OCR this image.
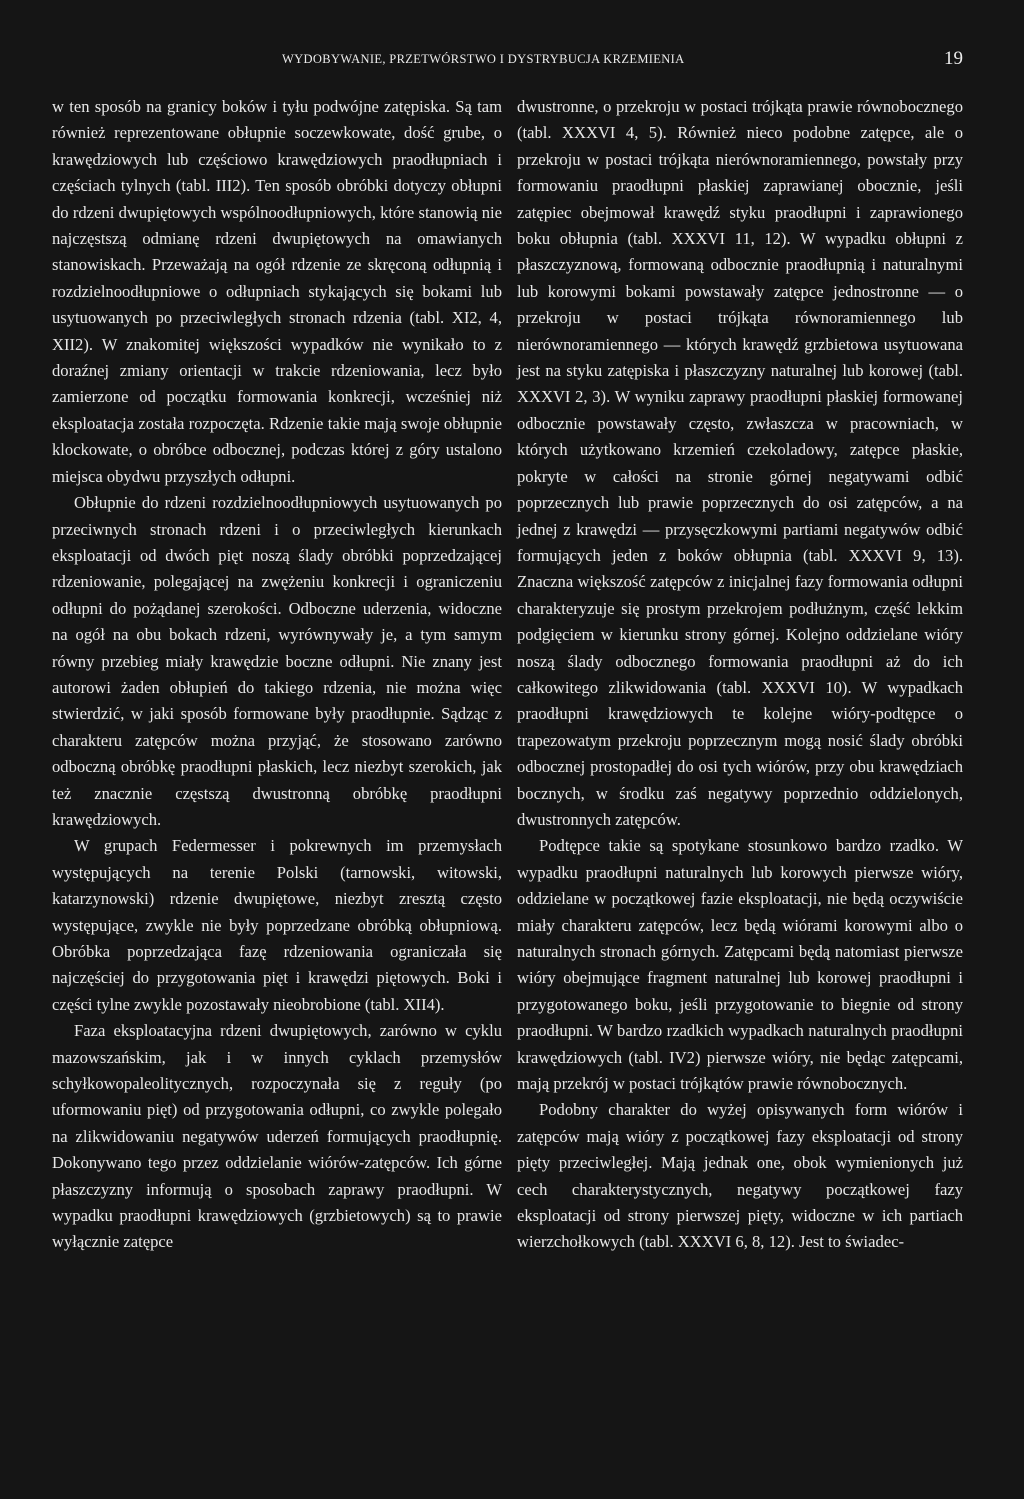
WYDOBYWANIE, PRZETWÓRSTWO I DYSTRYBUCJA KRZEMIENIA	19

w ten sposób na granicy boków i tyłu podwójne zatępiska. Są tam również reprezentowane obłupnie soczewkowate, dość grube, o krawędziowych lub częściowo krawędziowych praodłupniach i częściach tylnych (tabl. III2). Ten sposób obróbki dotyczy obłupni do rdzeni dwupiętowych wspólnoodłupniowych, które stanowią nie najczęstszą odmianę rdzeni dwupiętowych na omawianych stanowiskach. Przeważają na ogół rdzenie ze skręconą odłupnią i rozdzielnoodłupniowe o odłupniach stykających się bokami lub usytuowanych po przeciwległych stronach rdzenia (tabl. XI2, 4, XII2). W znakomitej większości wypadków nie wynikało to z doraźnej zmiany orientacji w trakcie rdzeniowania, lecz było zamierzone od początku formowania konkrecji, wcześniej niż eksploatacja została rozpoczęta. Rdzenie takie mają swoje obłupnie klockowate, o obróbce odbocznej, podczas której z góry ustalono miejsca obydwu przyszłych odłupni.

Obłupnie do rdzeni rozdzielnoodłupniowych usytuowanych po przeciwnych stronach rdzeni i o przeciwległych kierunkach eksploatacji od dwóch pięt noszą ślady obróbki poprzedzającej rdzeniowanie, polegającej na zwężeniu konkrecji i ograniczeniu odłupni do pożądanej szerokości. Odboczne uderzenia, widoczne na ogół na obu bokach rdzeni, wyrównywały je, a tym samym równy przebieg miały krawędzie boczne odłupni. Nie znany jest autorowi żaden obłupień do takiego rdzenia, nie można więc stwierdzić, w jaki sposób formowane były praodłupnie. Sądząc z charakteru zatępców można przyjąć, że stosowano zarówno odboczną obróbkę praodłupni płaskich, lecz niezbyt szerokich, jak też znacznie częstszą dwustronną obróbkę praodłupni krawędziowych.

W grupach Federmesser i pokrewnych im przemysłach występujących na terenie Polski (tarnowski, witowski, katarzynowski) rdzenie dwupiętowe, niezbyt zresztą często występujące, zwykle nie były poprzedzane obróbką obłupniową. Obróbka poprzedzająca fazę rdzeniowania ograniczała się najczęściej do przygotowania pięt i krawędzi piętowych. Boki i części tylne zwykle pozostawały nieobrobione (tabl. XII4).

Faza eksploatacyjna rdzeni dwupiętowych, zarówno w cyklu mazowszańskim, jak i w innych cyklach przemysłów schyłkowopaleolitycznych, rozpoczynała się z reguły (po uformowaniu pięt) od przygotowania odłupni, co zwykle polegało na zlikwidowaniu negatywów uderzeń formujących praodłupnię. Dokonywano tego przez oddzielanie wiórów-zatępców. Ich górne płaszczyzny informują o sposobach zaprawy praodłupni. W wypadku praodłupni krawędziowych (grzbietowych) są to prawie wyłącznie zatępce

dwustronne, o przekroju w postaci trójkąta prawie równobocznego (tabl. XXXVI 4, 5). Również nieco podobne zatępce, ale o przekroju w postaci trójkąta nierównoramiennego, powstały przy formowaniu praodłupni płaskiej zaprawianej obocznie, jeśli zatępiec obejmował krawędź styku praodłupni i zaprawionego boku obłupnia (tabl. XXXVI 11, 12). W wypadku obłupni z płaszczyznową, formowaną odbocznie praodłupnią i naturalnymi lub korowymi bokami powstawały zatępce jednostronne — o przekroju w postaci trójkąta równoramiennego lub nierównoramiennego — których krawędź grzbietowa usytuowana jest na styku zatępiska i płaszczyzny naturalnej lub korowej (tabl. XXXVI 2, 3). W wyniku zaprawy praodłupni płaskiej formowanej odbocznie powstawały często, zwłaszcza w pracowniach, w których użytkowano krzemień czekoladowy, zatępce płaskie, pokryte w całości na stronie górnej negatywami odbić poprzecznych lub prawie poprzecznych do osi zatępców, a na jednej z krawędzi — przysęczkowymi partiami negatywów odbić formujących jeden z boków obłupnia (tabl. XXXVI 9, 13). Znaczna większość zatępców z inicjalnej fazy formowania odłupni charakteryzuje się prostym przekrojem podłużnym, część lekkim podgięciem w kierunku strony górnej. Kolejno oddzielane wióry noszą ślady odbocznego formowania praodłupni aż do ich całkowitego zlikwidowania (tabl. XXXVI 10). W wypadkach praodłupni krawędziowych te kolejne wióry-podtępce o trapezowatym przekroju poprzecznym mogą nosić ślady obróbki odbocznej prostopadłej do osi tych wiórów, przy obu krawędziach bocznych, w środku zaś negatywy poprzednio oddzielonych, dwustronnych zatępców.

Podtępce takie są spotykane stosunkowo bardzo rzadko. W wypadku praodłupni naturalnych lub korowych pierwsze wióry, oddzielane w początkowej fazie eksploatacji, nie będą oczywiście miały charakteru zatępców, lecz będą wiórami korowymi albo o naturalnych stronach górnych. Zatępcami będą natomiast pierwsze wióry obejmujące fragment naturalnej lub korowej praodłupni i przygotowanego boku, jeśli przygotowanie to biegnie od strony praodłupni. W bardzo rzadkich wypadkach naturalnych praodłupni krawędziowych (tabl. IV2) pierwsze wióry, nie będąc zatępcami, mają przekrój w postaci trójkątów prawie równobocznych.

Podobny charakter do wyżej opisywanych form wiórów i zatępców mają wióry z początkowej fazy eksploatacji od strony pięty przeciwległej. Mają jednak one, obok wymienionych już cech charakterystycznych, negatywy początkowej fazy eksploatacji od strony pierwszej pięty, widoczne w ich partiach wierzchołkowych (tabl. XXXVI 6, 8, 12). Jest to świadec-
